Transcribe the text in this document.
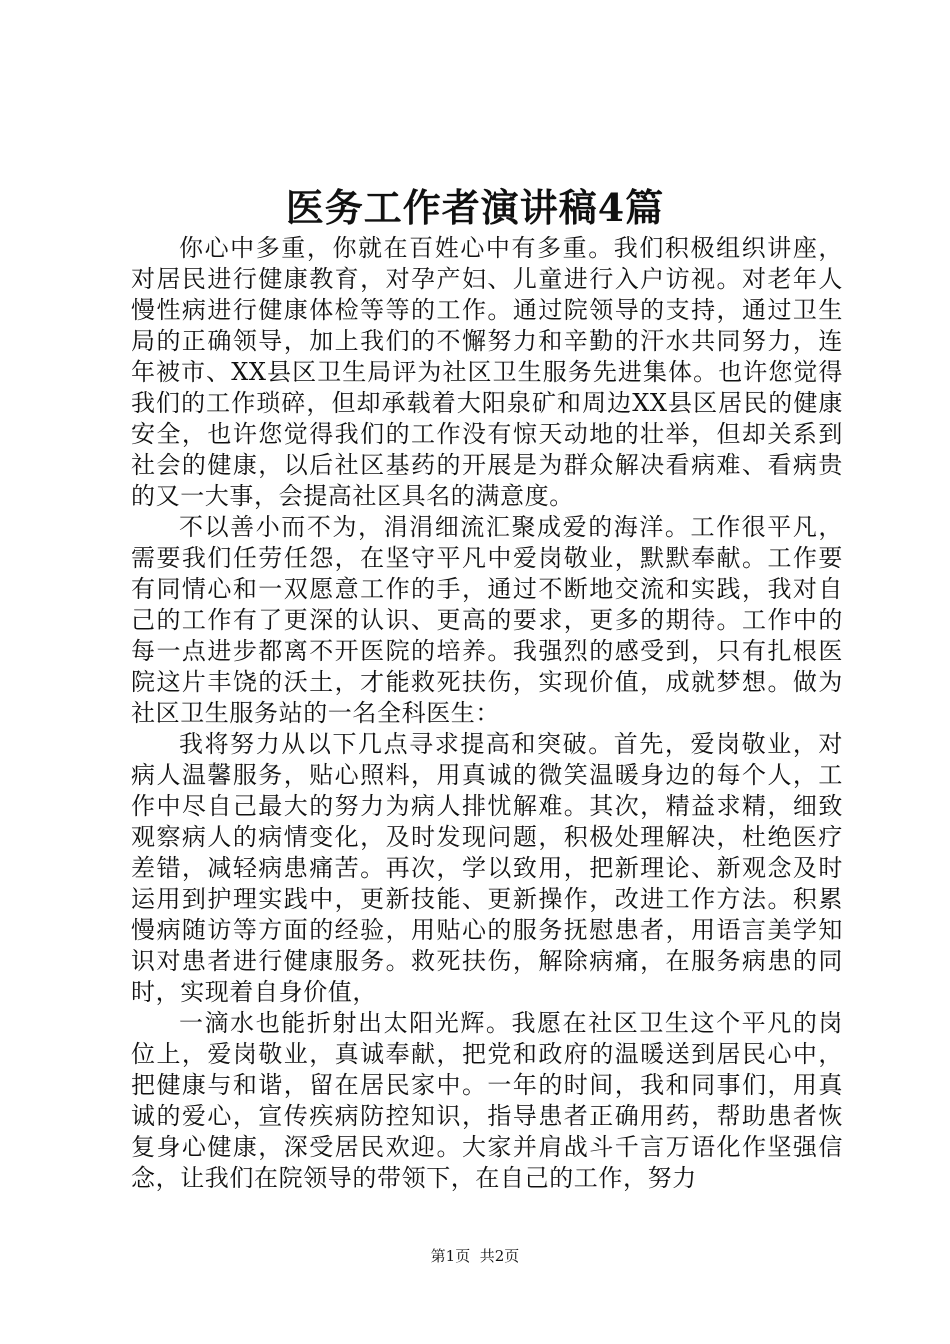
医务工作者演讲稿4篇

你心中多重，你就在百姓心中有多重。我们积极组织讲座，对居民进行健康教育，对孕产妇、儿童进行入户访视。对老年人慢性病进行健康体检等等的工作。通过院领导的支持，通过卫生局的正确领导，加上我们的不懈努力和辛勤的汗水共同努力，连年被市、XX县区卫生局评为社区卫生服务先进集体。也许您觉得我们的工作琐碎，但却承载着大阳泉矿和周边XX县区居民的健康安全，也许您觉得我们的工作没有惊天动地的壮举，但却关系到社会的健康，以后社区基药的开展是为群众解决看病难、看病贵的又一大事，会提高社区具名的满意度。

不以善小而不为，涓涓细流汇聚成爱的海洋。工作很平凡，需要我们任劳任怨，在坚守平凡中爱岗敬业，默默奉献。工作要有同情心和一双愿意工作的手，通过不断地交流和实践，我对自己的工作有了更深的认识、更高的要求，更多的期待。工作中的每一点进步都离不开医院的培养。我强烈的感受到，只有扎根医院这片丰饶的沃土，才能救死扶伤，实现价值，成就梦想。做为社区卫生服务站的一名全科医生：

我将努力从以下几点寻求提高和突破。首先，爱岗敬业，对病人温馨服务，贴心照料，用真诚的微笑温暖身边的每个人，工作中尽自己最大的努力为病人排忧解难。其次，精益求精，细致观察病人的病情变化，及时发现问题，积极处理解决，杜绝医疗差错，减轻病患痛苦。再次，学以致用，把新理论、新观念及时运用到护理实践中，更新技能、更新操作，改进工作方法。积累慢病随访等方面的经验，用贴心的服务抚慰患者，用语言美学知识对患者进行健康服务。救死扶伤，解除病痛，在服务病患的同时，实现着自身价值，

一滴水也能折射出太阳光辉。我愿在社区卫生这个平凡的岗位上，爱岗敬业，真诚奉献，把党和政府的温暖送到居民心中，把健康与和谐，留在居民家中。一年的时间，我和同事们，用真诚的爱心，宣传疾病防控知识，指导患者正确用药，帮助患者恢复身心健康，深受居民欢迎。大家并肩战斗千言万语化作坚强信念，让我们在院领导的带领下，在自己的工作，努力

第1页 共2页
